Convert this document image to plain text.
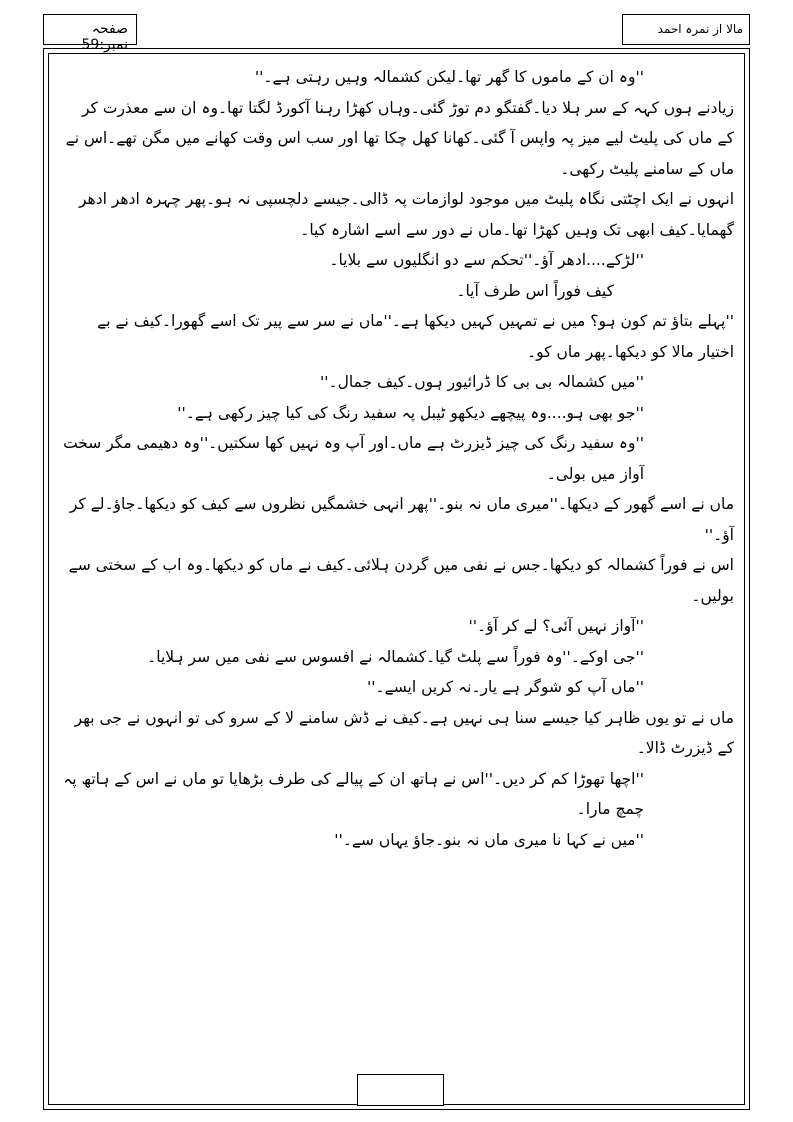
صفحہ نمبر:59
مالا از نمرہ احمد

''وہ ان کے ماموں کا گھر تھا۔لیکن کشمالہ وہیں رہتی ہے۔''

زیادنے ہوں کہہ کے سر ہلا دیا۔گفتگو دم توڑ گئی۔وہاں کھڑا رہنا آکورڈ لگتا تھا۔وہ ان سے معذرت کر کے ماں کی پلیٹ لیے میز پہ واپس آ گئی۔کھانا کھل چکا تھا اور سب اس وقت کھانے میں مگن تھے۔اس نے ماں کے سامنے پلیٹ رکھی۔

انہوں نے ایک اچٹتی نگاہ پلیٹ میں موجود لوازمات پہ ڈالی۔جیسے دلچسپی نہ ہو۔پھر چہرہ ادھر ادھر گھمایا۔کیف ابھی تک وہیں کھڑا تھا۔ماں نے دور سے اسے اشارہ کیا۔

''لڑکے....ادھر آؤ۔''تحکم سے دو انگلیوں سے بلایا۔

کیف فوراً اس طرف آیا۔

''پہلے بتاؤ تم کون ہو؟ میں نے تمہیں کہیں دیکھا ہے۔''ماں نے سر سے پیر تک اسے گھورا۔کیف نے بے اختیار مالا کو دیکھا۔پھر ماں کو۔

''میں کشمالہ بی بی کا ڈرائیور ہوں۔کیف جمال۔''

''جو بھی ہو....وہ پیچھے دیکھو ٹیبل پہ سفید رنگ کی کیا چیز رکھی ہے۔''

''وہ سفید رنگ کی چیز ڈیزرٹ ہے ماں۔اور آپ وہ نہیں کھا سکتیں۔''وہ دھیمی مگر سخت آواز میں بولی۔

ماں نے اسے گھور کے دیکھا۔''میری ماں نہ بنو۔''پھر انہی خشمگیں نظروں سے کیف کو دیکھا۔جاؤ۔لے کر آؤ۔''

اس نے فوراً کشمالہ کو دیکھا۔جس نے نفی میں گردن ہلائی۔کیف نے ماں کو دیکھا۔وہ اب کے سختی سے بولیں۔

''آواز نہیں آئی؟ لے کر آؤ۔''

''جی اوکے۔''وہ فوراً سے پلٹ گیا۔کشمالہ نے افسوس سے نفی میں سر ہلایا۔

''ماں آپ کو شوگر ہے یار۔نہ کریں ایسے۔''

ماں نے تو یوں ظاہر کیا جیسے سنا ہی نہیں ہے۔کیف نے ڈش سامنے لا کے سرو کی تو انہوں نے جی بھر کے ڈیزرٹ ڈالا۔

''اچھا تھوڑا کم کر دیں۔''اس نے ہاتھ ان کے پیالے کی طرف بڑھایا تو ماں نے اس کے ہاتھ پہ چمچ مارا۔

''میں نے کہا نا میری ماں نہ بنو۔جاؤ یہاں سے۔''
